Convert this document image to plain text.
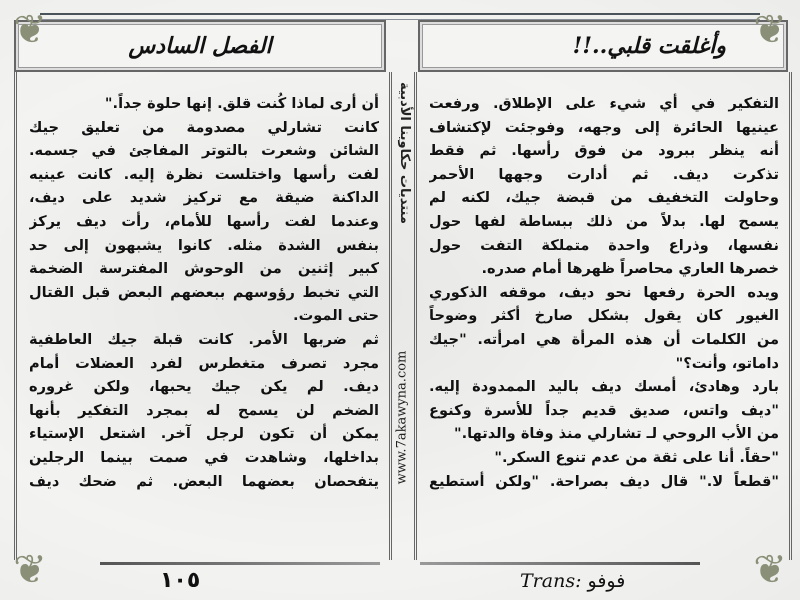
الفصل السادس	وأغلقت قلبي..!!
أن أرى لماذا كُنت قلق. إنها حلوة جداً."
كانت تشارلي مصدومة من تعليق جيك
الشائن وشعرت بالتوتر المفاجئ في جسمه.
لفت رأسها واختلست نظرة إليه. كانت عينيه
الداكنة ضيقة مع تركيز شديد على ديف،
وعندما لفت رأسها للأمام، رأت ديف يركز
بنفس الشدة مثله. كانوا يشبهون إلى حد
كبير إثنين من الوحوش المفترسة الضخمة
التي تخبط رؤوسهم ببعضهم البعض قبل القتال
حتى الموت.
ثم ضربها الأمر. كانت قبلة جيك العاطفية
مجرد تصرف متغطرس لفرد العضلات أمام
ديف. لم يكن جيك يحبها، ولكن غروره
الضخم لن يسمح له بمجرد التفكير بأنها
يمكن أن تكون لرجل آخر. اشتعل الإستياء
بداخلها، وشاهدت في صمت بينما الرجلين
يتفحصان بعضهما البعض. ثم ضحك ديف
التفكير في أي شيء على الإطلاق. ورفعت
عينيها الحائرة إلى وجهه، وفوجئت لإكتشاف
أنه ينظر ببرود من فوق رأسها. ثم فقط
تذكرت ديف. ثم أدارت وجهها الأحمر
وحاولت التخفيف من قبضة جيك، لكنه لم
يسمح لها. بدلاً من ذلك ببساطة لفها حول
نفسها، وذراع واحدة متملكة التفت حول
خصرها العاري محاصراً ظهرها أمام صدره.
ويده الحرة رفعها نحو ديف، موقفه الذكوري
الغيور كان يقول بشكل صارخ أكثر وضوحاً
من الكلمات أن هذه المرأة هي امرأته. "جيك
داماتو، وأنت؟"
بارد وهادئ، أمسك ديف باليد الممدودة إليه.
"ديف واتس، صديق قديم جداً للأسرة وكنوع
من الأب الروحي لـ تشارلي منذ وفاة والدتها."
"حقاً. أنا على ثقة من عدم تنوع السكر."
"قطعاً لا." قال ديف بصراحة. "ولكن أستطيع
منتديات حكاوينا الأدبية
www.7akawyna.com
١٠٥	Trans: فوفو
❦	❦
❦	❦
